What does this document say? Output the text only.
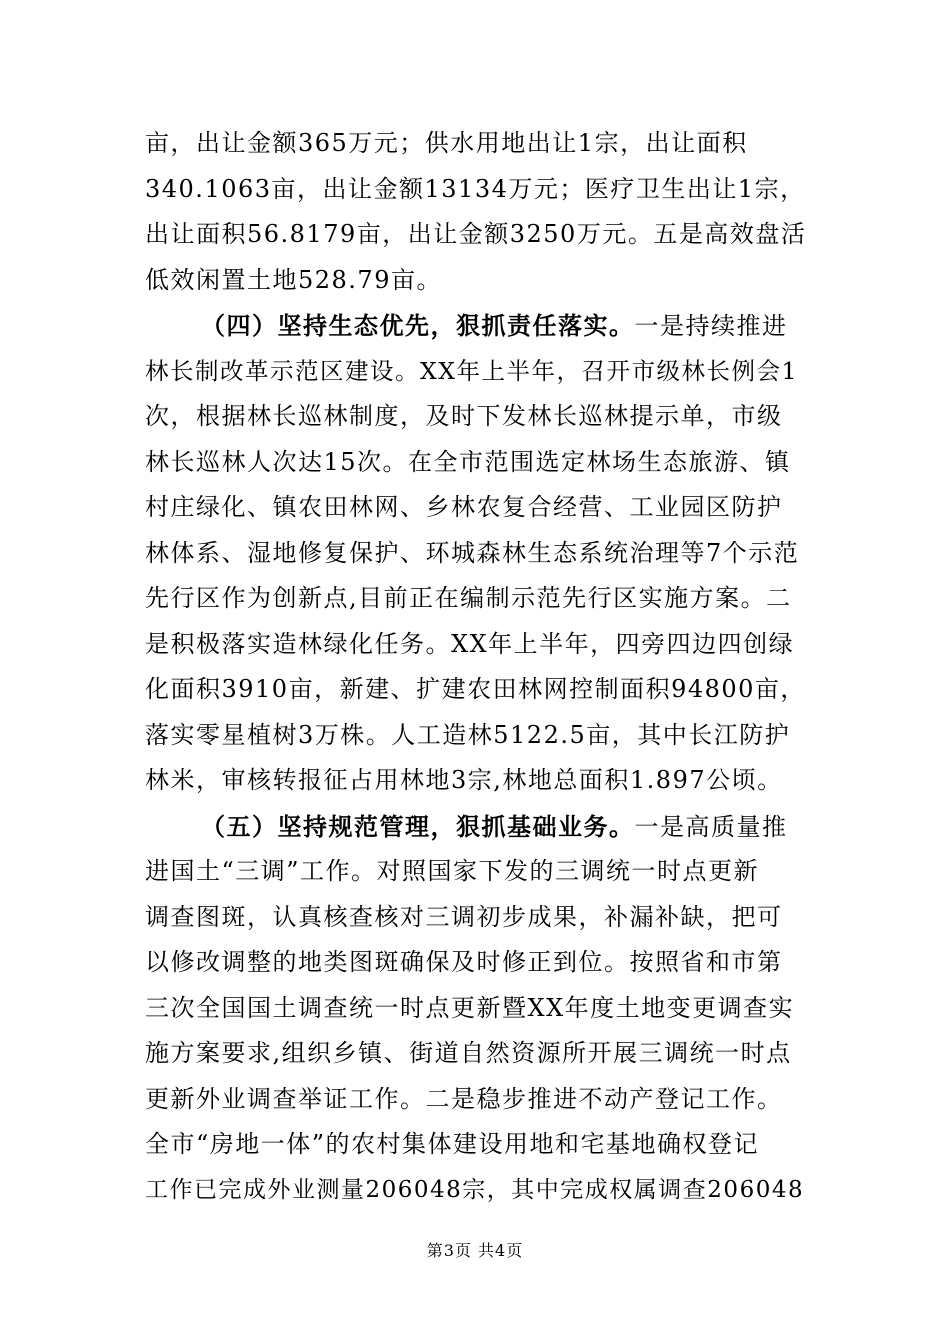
亩，出让金额365万元；供水用地出让1宗，出让面积
340.1063亩，出让金额13134万元；医疗卫生出让1宗，
出让面积56.8179亩，出让金额3250万元。五是高效盘活
低效闲置土地528.79亩。
（四）坚持生态优先，狠抓责任落实。一是持续推进
林长制改革示范区建设。XX年上半年，召开市级林长例会1
次，根据林长巡林制度，及时下发林长巡林提示单，市级
林长巡林人次达15次。在全市范围选定林场生态旅游、镇
村庄绿化、镇农田林网、乡林农复合经营、工业园区防护
林体系、湿地修复保护、环城森林生态系统治理等7个示范
先行区作为创新点,目前正在编制示范先行区实施方案。二
是积极落实造林绿化任务。XX年上半年，四旁四边四创绿
化面积3910亩，新建、扩建农田林网控制面积94800亩，
落实零星植树3万株。人工造林5122.5亩，其中长江防护
林米，审核转报征占用林地3宗,林地总面积1.897公顷。
（五）坚持规范管理，狠抓基础业务。一是高质量推
进国土“三调”工作。对照国家下发的三调统一时点更新
调查图斑，认真核查核对三调初步成果，补漏补缺，把可
以修改调整的地类图斑确保及时修正到位。按照省和市第
三次全国国土调查统一时点更新暨XX年度土地变更调查实
施方案要求,组织乡镇、街道自然资源所开展三调统一时点
更新外业调查举证工作。二是稳步推进不动产登记工作。
全市“房地一体”的农村集体建设用地和宅基地确权登记
工作已完成外业测量206048宗，其中完成权属调查206048
第3页 共4页
